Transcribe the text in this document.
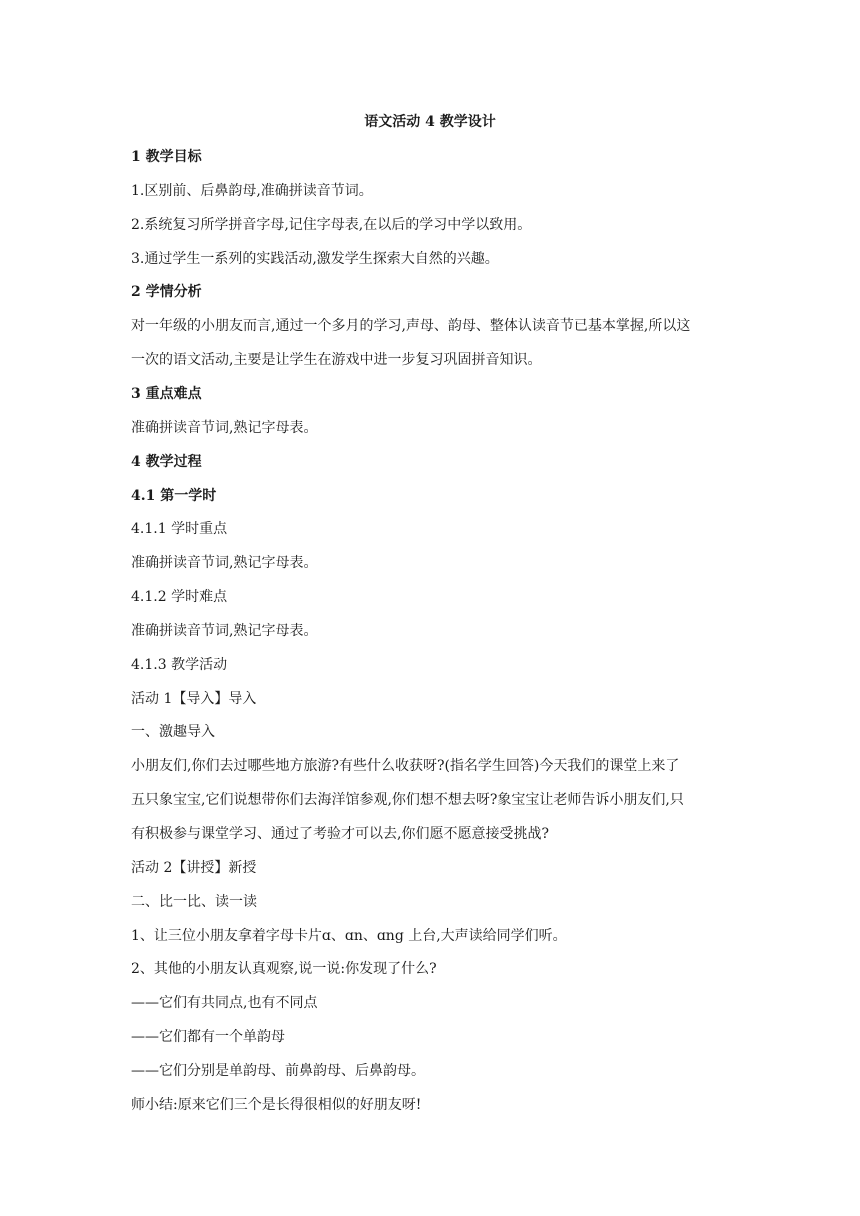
语文活动 4 教学设计
1 教学目标
1.区别前、后鼻韵母,准确拼读音节词。
2.系统复习所学拼音字母,记住字母表,在以后的学习中学以致用。
3.通过学生一系列的实践活动,激发学生探索大自然的兴趣。
2 学情分析
对一年级的小朋友而言,通过一个多月的学习,声母、韵母、整体认读音节已基本掌握,所以这
一次的语文活动,主要是让学生在游戏中进一步复习巩固拼音知识。
3 重点难点
准确拼读音节词,熟记字母表。
4 教学过程
4.1 第一学时
4.1.1 学时重点
准确拼读音节词,熟记字母表。
4.1.2 学时难点
准确拼读音节词,熟记字母表。
4.1.3 教学活动
活动 1【导入】导入
一、激趣导入
小朋友们,你们去过哪些地方旅游?有些什么收获呀?(指名学生回答)今天我们的课堂上来了
五只象宝宝,它们说想带你们去海洋馆参观,你们想不想去呀?象宝宝让老师告诉小朋友们,只
有积极参与课堂学习、通过了考验才可以去,你们愿不愿意接受挑战?
活动 2【讲授】新授
二、比一比、读一读
1、让三位小朋友拿着字母卡片ɑ、ɑn、ɑng 上台,大声读给同学们听。
2、其他的小朋友认真观察,说一说:你发现了什么?
——它们有共同点,也有不同点
——它们都有一个单韵母
——它们分别是单韵母、前鼻韵母、后鼻韵母。
师小结:原来它们三个是长得很相似的好朋友呀!
